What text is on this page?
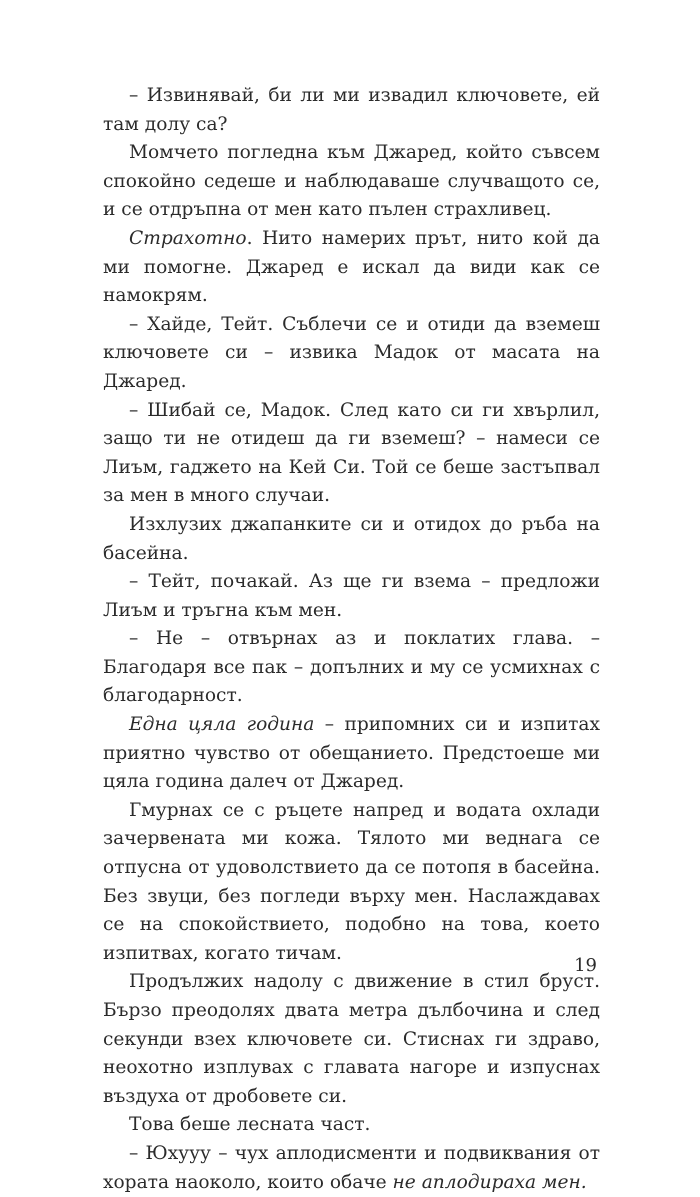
– Извинявай, би ли ми извадил ключовете, ей там долу са?

Момчето погледна към Джаред, който съвсем спокойно седеше и наблюдаваше случващото се, и се отдръпна от мен като пълен страхливец.

Страхотно. Нито намерих прът, нито кой да ми помогне. Джаред е искал да види как се намокрям.

– Хайде, Тейт. Съблечи се и отиди да вземеш ключовете си – извика Мадок от масата на Джаред.

– Шибай се, Мадок. След като си ги хвърлил, защо ти не отидеш да ги вземеш? – намеси се Лиъм, гаджето на Кей Си. Той се беше застъпвал за мен в много случаи.

Изхлузих джапанките си и отидох до ръба на басейна.

– Тейт, почакай. Аз ще ги взема – предложи Лиъм и тръгна към мен.

– Не – отвърнах аз и поклатих глава. – Благодаря все пак – допълних и му се усмихнах с благодарност.

Една цяла година – припомних си и изпитах приятно чувство от обещанието. Предстоеше ми цяла година далеч от Джаред.

Гмурнах се с ръцете напред и водата охлади зачервената ми кожа. Тялото ми веднага се отпусна от удоволствието да се потопя в басейна. Без звуци, без погледи върху мен. Наслаждавах се на спокойствието, подобно на това, което изпитвах, когато тичам.

Продължих надолу с движение в стил бруст. Бързо преодолях двата метра дълбочина и след секунди взех ключовете си. Стиснах ги здраво, неохотно изплувах с главата нагоре и изпуснах въздуха от дробовете си.

Това беше лесната част.

– Юхууу – чух аплодисменти и подвиквания от хората наоколо, които обаче не аплодираха мен.

19
